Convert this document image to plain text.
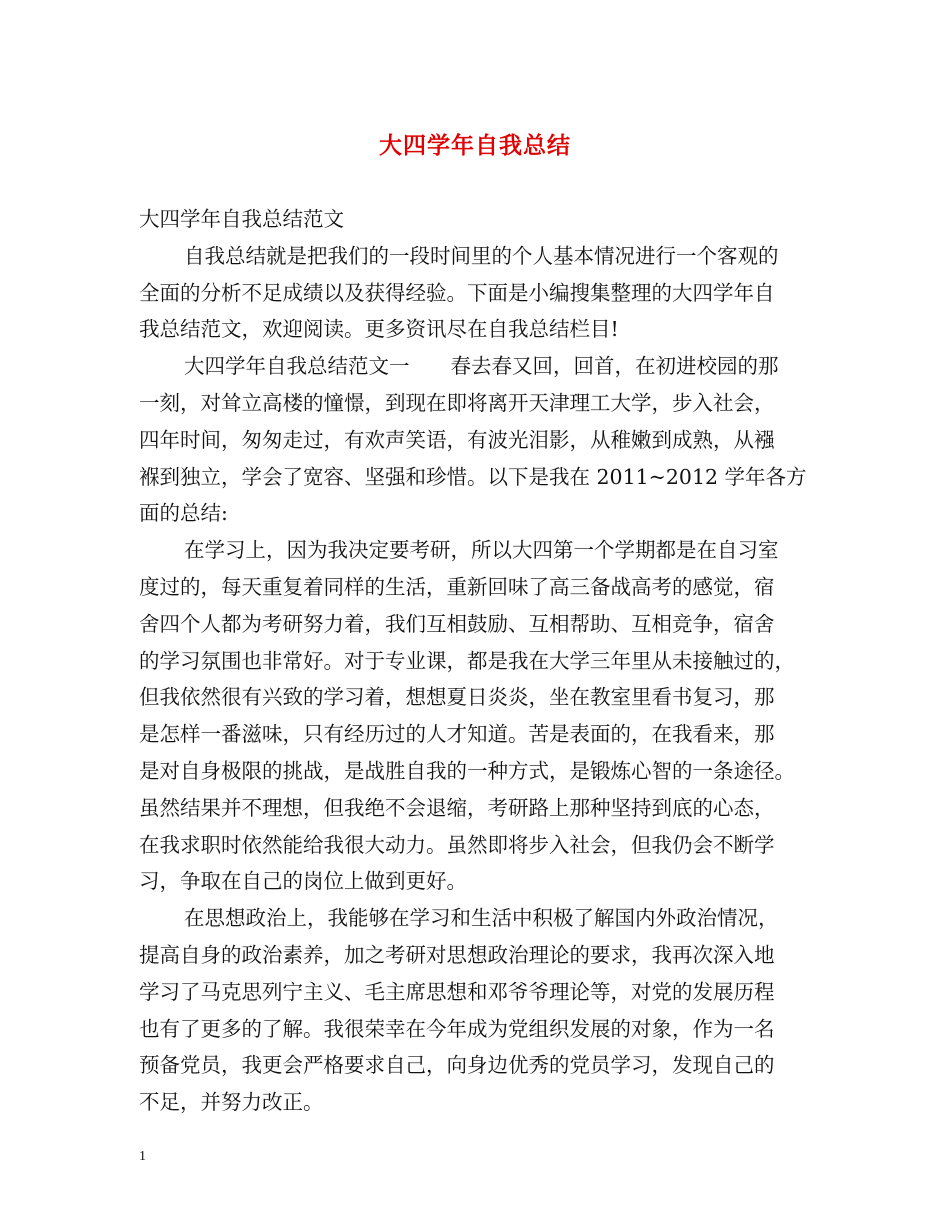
大四学年自我总结
大四学年自我总结范文
自我总结就是把我们的一段时间里的个人基本情况进行一个客观的
全面的分析不足成绩以及获得经验。下面是小编搜集整理的大四学年自
我总结范文，欢迎阅读。更多资讯尽在自我总结栏目!
大四学年自我总结范文一　　春去春又回，回首，在初进校园的那
一刻，对耸立高楼的憧憬，到现在即将离开天津理工大学，步入社会，
四年时间，匆匆走过，有欢声笑语，有波光泪影，从稚嫩到成熟，从襁
褓到独立，学会了宽容、坚强和珍惜。以下是我在 2011~2012 学年各方
面的总结:
在学习上，因为我决定要考研，所以大四第一个学期都是在自习室
度过的，每天重复着同样的生活，重新回味了高三备战高考的感觉，宿
舍四个人都为考研努力着，我们互相鼓励、互相帮助、互相竞争，宿舍
的学习氛围也非常好。对于专业课，都是我在大学三年里从未接触过的，
但我依然很有兴致的学习着，想想夏日炎炎，坐在教室里看书复习，那
是怎样一番滋味，只有经历过的人才知道。苦是表面的，在我看来，那
是对自身极限的挑战，是战胜自我的一种方式，是锻炼心智的一条途径。
虽然结果并不理想，但我绝不会退缩，考研路上那种坚持到底的心态，
在我求职时依然能给我很大动力。虽然即将步入社会，但我仍会不断学
习，争取在自己的岗位上做到更好。
在思想政治上，我能够在学习和生活中积极了解国内外政治情况，
提高自身的政治素养，加之考研对思想政治理论的要求，我再次深入地
学习了马克思列宁主义、毛主席思想和邓爷爷理论等，对党的发展历程
也有了更多的了解。我很荣幸在今年成为党组织发展的对象，作为一名
预备党员，我更会严格要求自己，向身边优秀的党员学习，发现自己的
不足，并努力改正。
1
